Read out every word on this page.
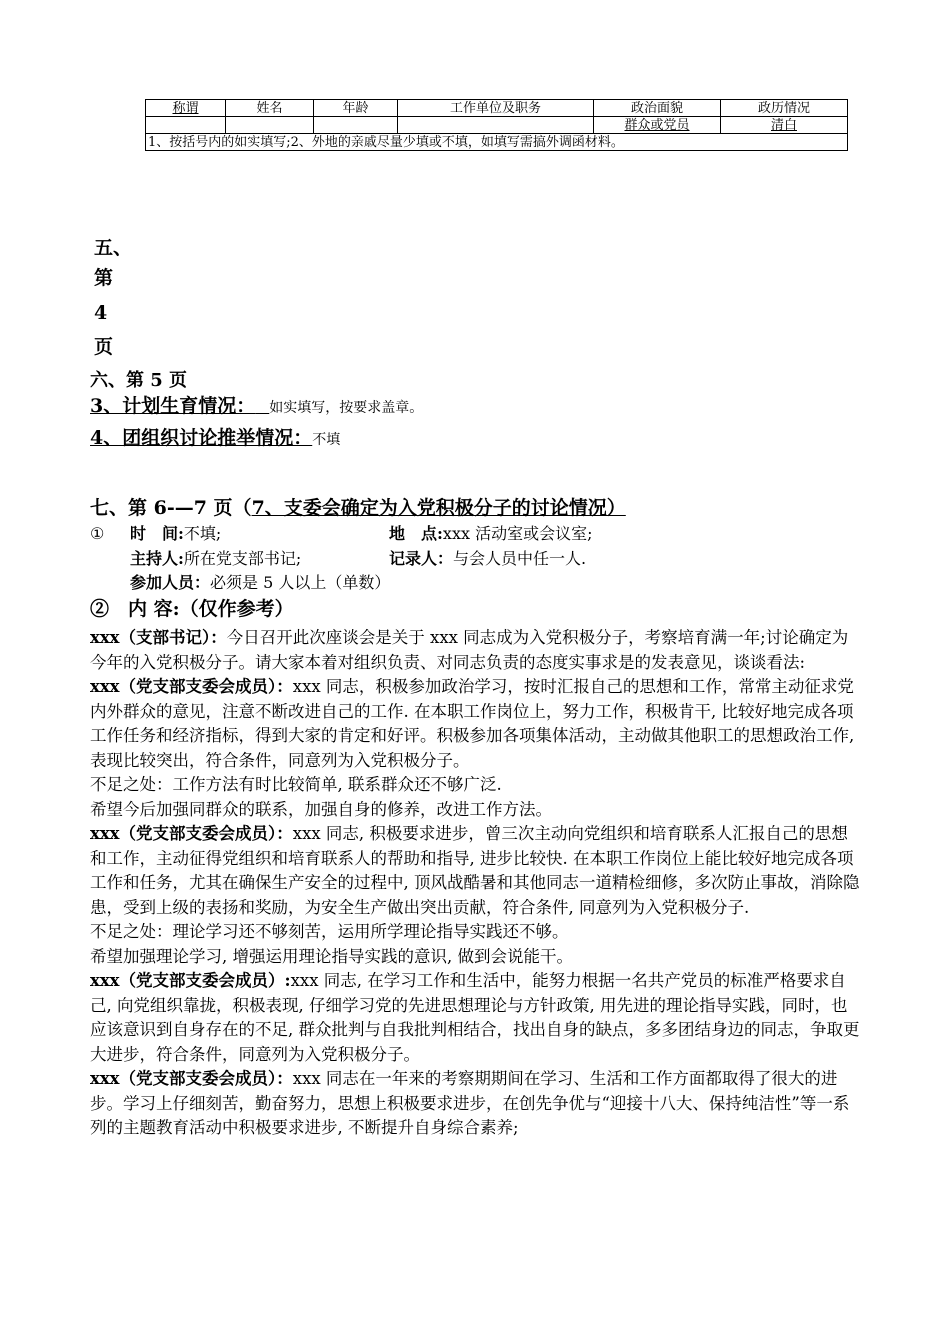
称谓	姓名	年龄	工作单位及职务	政治面貌	政历情况
				群众或党员	清白
1、按括号内的如实填写;2、外地的亲戚尽量少填或不填，如填写需搞外调函材料。					
五、
第
4
页
六、第 5 页
3、计划生育情况：  如实填写，按要求盖章。
4、团组织讨论推举情况：不填
七、第 6-—7 页（7、支委会确定为入党积极分子的讨论情况）
① 时　间:不填;	地　点:xxx 活动室或会议室;
主持人:所在党支部书记;	记录人：与会人员中任一人.
参加人员：必须是 5 人以上（单数）
②　内 容:（仅作参考）

xxx（支部书记）：今日召开此次座谈会是关于 xxx 同志成为入党积极分子，考察培育满一年;讨论确定为今年的入党积极分子。请大家本着对组织负责、对同志负责的态度实事求是的发表意见，谈谈看法:

xxx（党支部支委会成员）：xxx 同志，积极参加政治学习，按时汇报自己的思想和工作，常常主动征求党内外群众的意见，注意不断改进自己的工作. 在本职工作岗位上，努力工作，积极肯干, 比较好地完成各项工作任务和经济指标，得到大家的肯定和好评。积极参加各项集体活动，主动做其他职工的思想政治工作, 表现比较突出，符合条件，同意列为入党积极分子。

不足之处：工作方法有时比较简单, 联系群众还不够广泛.

希望今后加强同群众的联系，加强自身的修养，改进工作方法。

xxx（党支部支委会成员）：xxx 同志, 积极要求进步，曾三次主动向党组织和培育联系人汇报自己的思想和工作，主动征得党组织和培育联系人的帮助和指导, 进步比较快. 在本职工作岗位上能比较好地完成各项工作和任务，尤其在确保生产安全的过程中, 顶风战酷暑和其他同志一道精检细修，多次防止事故，消除隐患，受到上级的表扬和奖励，为安全生产做出突出贡献，符合条件, 同意列为入党积极分子.

不足之处：理论学习还不够刻苦，运用所学理论指导实践还不够。

希望加强理论学习, 增强运用理论指导实践的意识, 做到会说能干。

xxx（党支部支委会成员）:xxx 同志, 在学习工作和生活中，能努力根据一名共产党员的标准严格要求自己, 向党组织靠拢，积极表现, 仔细学习党的先进思想理论与方针政策, 用先进的理论指导实践，同时，也应该意识到自身存在的不足, 群众批判与自我批判相结合，找出自身的缺点，多多团结身边的同志，争取更大进步，符合条件，同意列为入党积极分子。

xxx（党支部支委会成员）：xxx 同志在一年来的考察期期间在学习、生活和工作方面都取得了很大的进步。学习上仔细刻苦，勤奋努力，思想上积极要求进步，在创先争优与“迎接十八大、保持纯洁性”等一系列的主题教育活动中积极要求进步, 不断提升自身综合素养;
